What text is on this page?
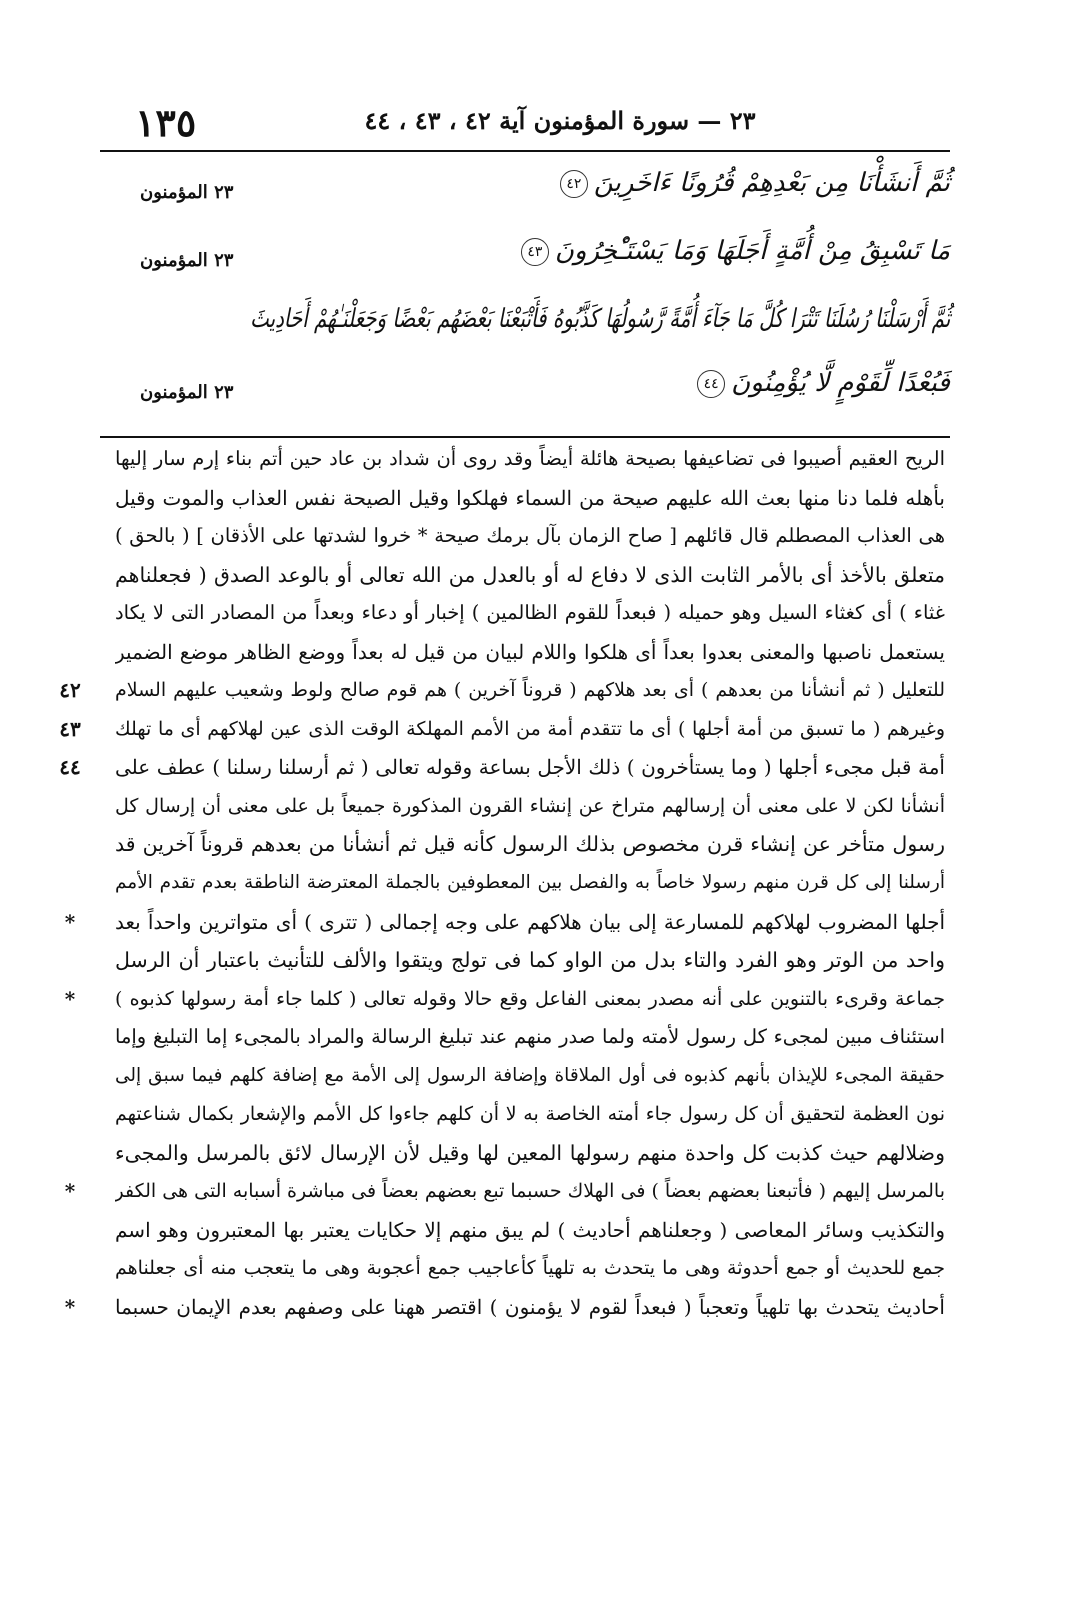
١٣٥	٢٣ — سورة المؤمنون آية ٤٢ ، ٤٣ ، ٤٤
ثُمَّ أَنشَأْنَا مِن بَعْدِهِمْ قُرُونًا ءَاخَرِينَ٤٢
٢٣ المؤمنون
مَا تَسْبِقُ مِنْ أُمَّةٍ أَجَلَهَا وَمَا يَسْتَـْٔخِرُونَ٤٣
٢٣ المؤمنون
ثُمَّ أَرْسَلْنَا رُسُلَنَا تَتْرَا كُلَّ مَا جَآءَ أُمَّةً رَّسُولُهَا كَذَّبُوهُ فَأَتْبَعْنَا بَعْضَهُم بَعْضًا وَجَعَلْنَـٰهُمْ أَحَادِيثَ
فَبُعْدًا لِّقَوْمٍ لَّا يُؤْمِنُونَ٤٤
٢٣ المؤمنون
الريح العقيم أصيبوا فى تضاعيفها بصيحة هائلة أيضاً وقد روى أن شداد بن عاد حين أتم بناء إرم سار إليها
بأهله فلما دنا منها بعث الله عليهم صيحة من السماء فهلكوا وقيل الصيحة نفس العذاب والموت وقيل
هى العذاب المصطلم قال قائلهم [ صاح الزمان بآل برمك صيحة * خروا لشدتها على الأذقان ] ( بالحق )
متعلق بالأخذ أى بالأمر الثابت الذى لا دفاع له أو بالعدل من الله تعالى أو بالوعد الصدق ( فجعلناهم
غثاء ) أى كغثاء السيل وهو حميله ( فبعداً للقوم الظالمين ) إخبار أو دعاء وبعداً من المصادر التى لا يكاد
يستعمل ناصبها والمعنى بعدوا بعداً أى هلكوا واللام لبيان من قيل له بعداً ووضع الظاهر موضع الضمير
للتعليل ( ثم أنشأنا من بعدهم ) أى بعد هلاكهم ( قروناً آخرين ) هم قوم صالح ولوط وشعيب عليهم السلام
وغيرهم ( ما تسبق من أمة أجلها ) أى ما تتقدم أمة من الأمم المهلكة الوقت الذى عين لهلاكهم أى ما تهلك
أمة قبل مجىء أجلها ( وما يستأخرون ) ذلك الأجل بساعة وقوله تعالى ( ثم أرسلنا رسلنا ) عطف على
أنشأنا لكن لا على معنى أن إرسالهم متراخ عن إنشاء القرون المذكورة جميعاً بل على معنى أن إرسال كل
رسول متأخر عن إنشاء قرن مخصوص بذلك الرسول كأنه قيل ثم أنشأنا من بعدهم قروناً آخرين قد
أرسلنا إلى كل قرن منهم رسولا خاصاً به والفصل بين المعطوفين بالجملة المعترضة الناطقة بعدم تقدم الأمم
أجلها المضروب لهلاكهم للمسارعة إلى بيان هلاكهم على وجه إجمالى ( تترى ) أى متواترين واحداً بعد
واحد من الوتر وهو الفرد والتاء بدل من الواو كما فى تولج ويتقوا والألف للتأنيث باعتبار أن الرسل
جماعة وقرىء بالتنوين على أنه مصدر بمعنى الفاعل وقع حالا وقوله تعالى ( كلما جاء أمة رسولها كذبوه )
استئناف مبين لمجىء كل رسول لأمته ولما صدر منهم عند تبليغ الرسالة والمراد بالمجىء إما التبليغ وإما
حقيقة المجىء للإيذان بأنهم كذبوه فى أول الملاقاة وإضافة الرسول إلى الأمة مع إضافة كلهم فيما سبق إلى
نون العظمة لتحقيق أن كل رسول جاء أمته الخاصة به لا أن كلهم جاءوا كل الأمم والإشعار بكمال شناعتهم
وضلالهم حيث كذبت كل واحدة منهم رسولها المعين لها وقيل لأن الإرسال لائق بالمرسل والمجىء
بالمرسل إليهم ( فأتبعنا بعضهم بعضاً ) فى الهلاك حسبما تبع بعضهم بعضاً فى مباشرة أسبابه التى هى الكفر
والتكذيب وسائر المعاصى ( وجعلناهم أحاديث ) لم يبق منهم إلا حكايات يعتبر بها المعتبرون وهو اسم
جمع للحديث أو جمع أحدوثة وهى ما يتحدث به تلهياً كأعاجيب جمع أعجوبة وهى ما يتعجب منه أى جعلناهم
أحاديث يتحدث بها تلهياً وتعجباً ( فبعداً لقوم لا يؤمنون ) اقتصر ههنا على وصفهم بعدم الإيمان حسبما
٤٢
٤٣
٤٤
*
*
*
*
